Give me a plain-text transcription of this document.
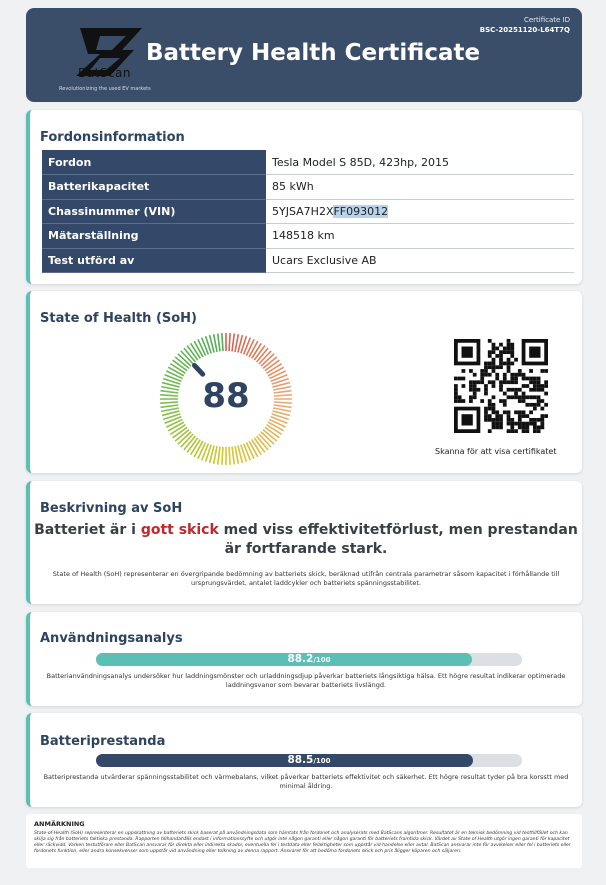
BatScan
Revolutionizing the used EV markets
Battery Health Certificate
Certificate ID
BSC-20251120-L64T7Q
Fordonsinformation
Fordon	Tesla Model S 85D, 423hp, 2015
Batterikapacitet	85 kWh
Chassinummer (VIN)	5YJSA7H2XFF093012
Mätarställning	148518 km
Test utförd av	Ucars Exclusive AB
State of Health (SoH)
88
Skanna för att visa certifikatet
Beskrivning av SoH
Batteriet är i gott skick med viss effektivitetförlust, men prestandan är fortfarande stark.
State of Health (SoH) representerar en övergripande bedömning av batteriets skick, beräknad utifrån centrala parametrar såsom kapacitet i förhållande till ursprungsvärdet, antalet laddcykler och batteriets spänningsstabilitet.
Användningsanalys
88.2/100
Batterianvändningsanalys undersöker hur laddningsmönster och urladdningsdjup påverkar batteriets långsiktiga hälsa. Ett högre resultat indikerar optimerade laddningsvanor som bevarar batteriets livslängd.
Batteriprestanda
88.5/100
Batteriprestanda utvärderar spänningsstabilitet och värmebalans, vilket påverkar batteriets effektivitet och säkerhet. Ett högre resultat tyder på bra korsstt med minimal åldring.
ANMÄRKNING
State-of-Health (SoH) representerar en uppskattning av batteriets skick baserat på användningsdata som hämtats från fordonet och analyserats med BatScans algoritmer. Resultatet är en teknisk bedömning vid testtillfället och kan skilja sig från batteriets faktiska prestanda. Rapporten tillhandahålls endast i informationssyfte och utgör inte någon garanti eller någon garanti för batteriets framtida skick. Värdet av State of Health utgör ingen garanti för kapacitet eller räckvidd. Varken testutförare eller BatScan ansvarar för direkta eller indirekta skador, eventuella fel i testdata eller felaktigheter som uppstår vid handelse eller avtal. BatScan ansvarar inte för avvikelser eller fel i batteriets eller fordonets funktion, eller andra konsekvenser som uppstår vid användning eller tolkning av denna rapport. Ansvaret för att bedöma fordonets skick och pris åligger köparen och säljaren.
